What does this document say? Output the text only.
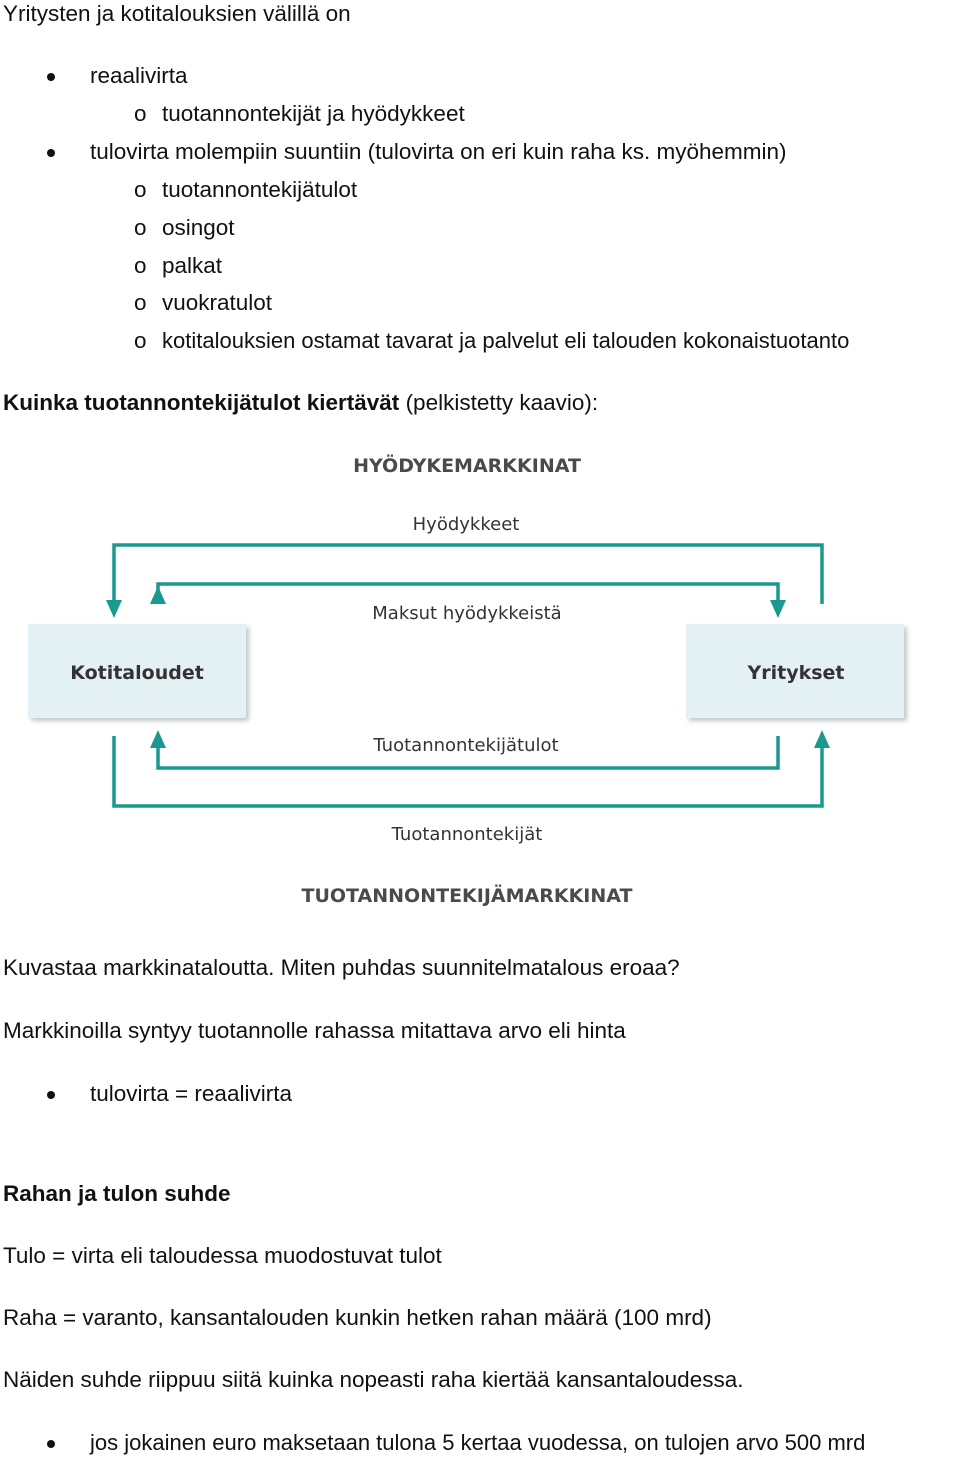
Yritysten ja kotitalouksien välillä on
reaalivirta
o tuotannontekijät ja hyödykkeet
tulovirta molempiin suuntiin (tulovirta on eri kuin raha ks. myöhemmin)
o tuotannontekijätulot
o osingot
o palkat
o vuokratulot
o kotitalouksien ostamat tavarat ja palvelut eli talouden kokonaistuotanto
Kuinka tuotannontekijätulot kiertävät (pelkistetty kaavio):
HYÖDYKEMARKKINAT
Hyödykkeet
Maksut hyödykkeistä
Kotitaloudet	Yritykset
Tuotannontekijätulot
Tuotannontekijät
TUOTANNONTEKIJÄMARKKINAT
Kuvastaa markkinataloutta. Miten puhdas suunnitelmatalous eroaa?
Markkinoilla syntyy tuotannolle rahassa mitattava arvo eli hinta
tulovirta = reaalivirta
Rahan ja tulon suhde
Tulo = virta eli taloudessa muodostuvat tulot
Raha = varanto, kansantalouden kunkin hetken rahan määrä (100 mrd)
Näiden suhde riippuu siitä kuinka nopeasti raha kiertää kansantaloudessa.
jos jokainen euro maksetaan tulona 5 kertaa vuodessa, on tulojen arvo 500 mrd
